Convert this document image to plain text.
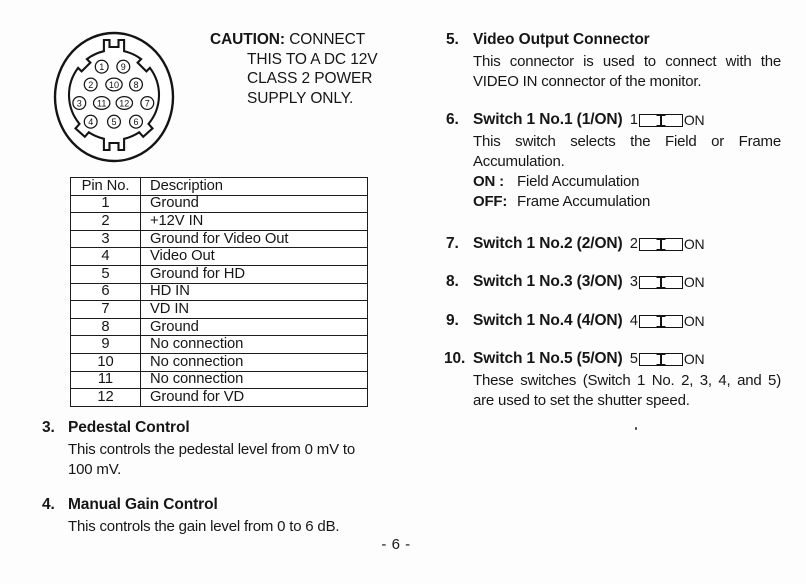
1 9
2 10 8
3 11 12 7
4 5 6
CAUTION: CONNECT
THIS TO A DC 12V
CLASS 2 POWER
SUPPLY ONLY.
Pin No.	Description
1	Ground
2	+12V IN
3	Ground for Video Out
4	Video Out
5	Ground for HD
6	HD IN
7	VD IN
8	Ground
9	No connection
10	No connection
11	No connection
12	Ground for VD
3. Pedestal Control
This controls the pedestal level from 0 mV to 100 mV.
4. Manual Gain Control
This controls the gain level from 0 to 6 dB.
5. Video Output Connector
This connector is used to connect with the VIDEO IN connector of the monitor.
6. Switch 1 No.1 (1/ON) 1	ON
This switch selects the Field or Frame Accumulation.
ON : Field Accumulation
OFF: Frame Accumulation
7. Switch 1 No.2 (2/ON) 2	ON
8. Switch 1 No.3 (3/ON) 3	ON
9. Switch 1 No.4 (4/ON) 4	ON
10. Switch 1 No.5 (5/ON) 5	ON
These switches (Switch 1 No. 2, 3, 4, and 5) are used to set the shutter speed.
- 6 -
